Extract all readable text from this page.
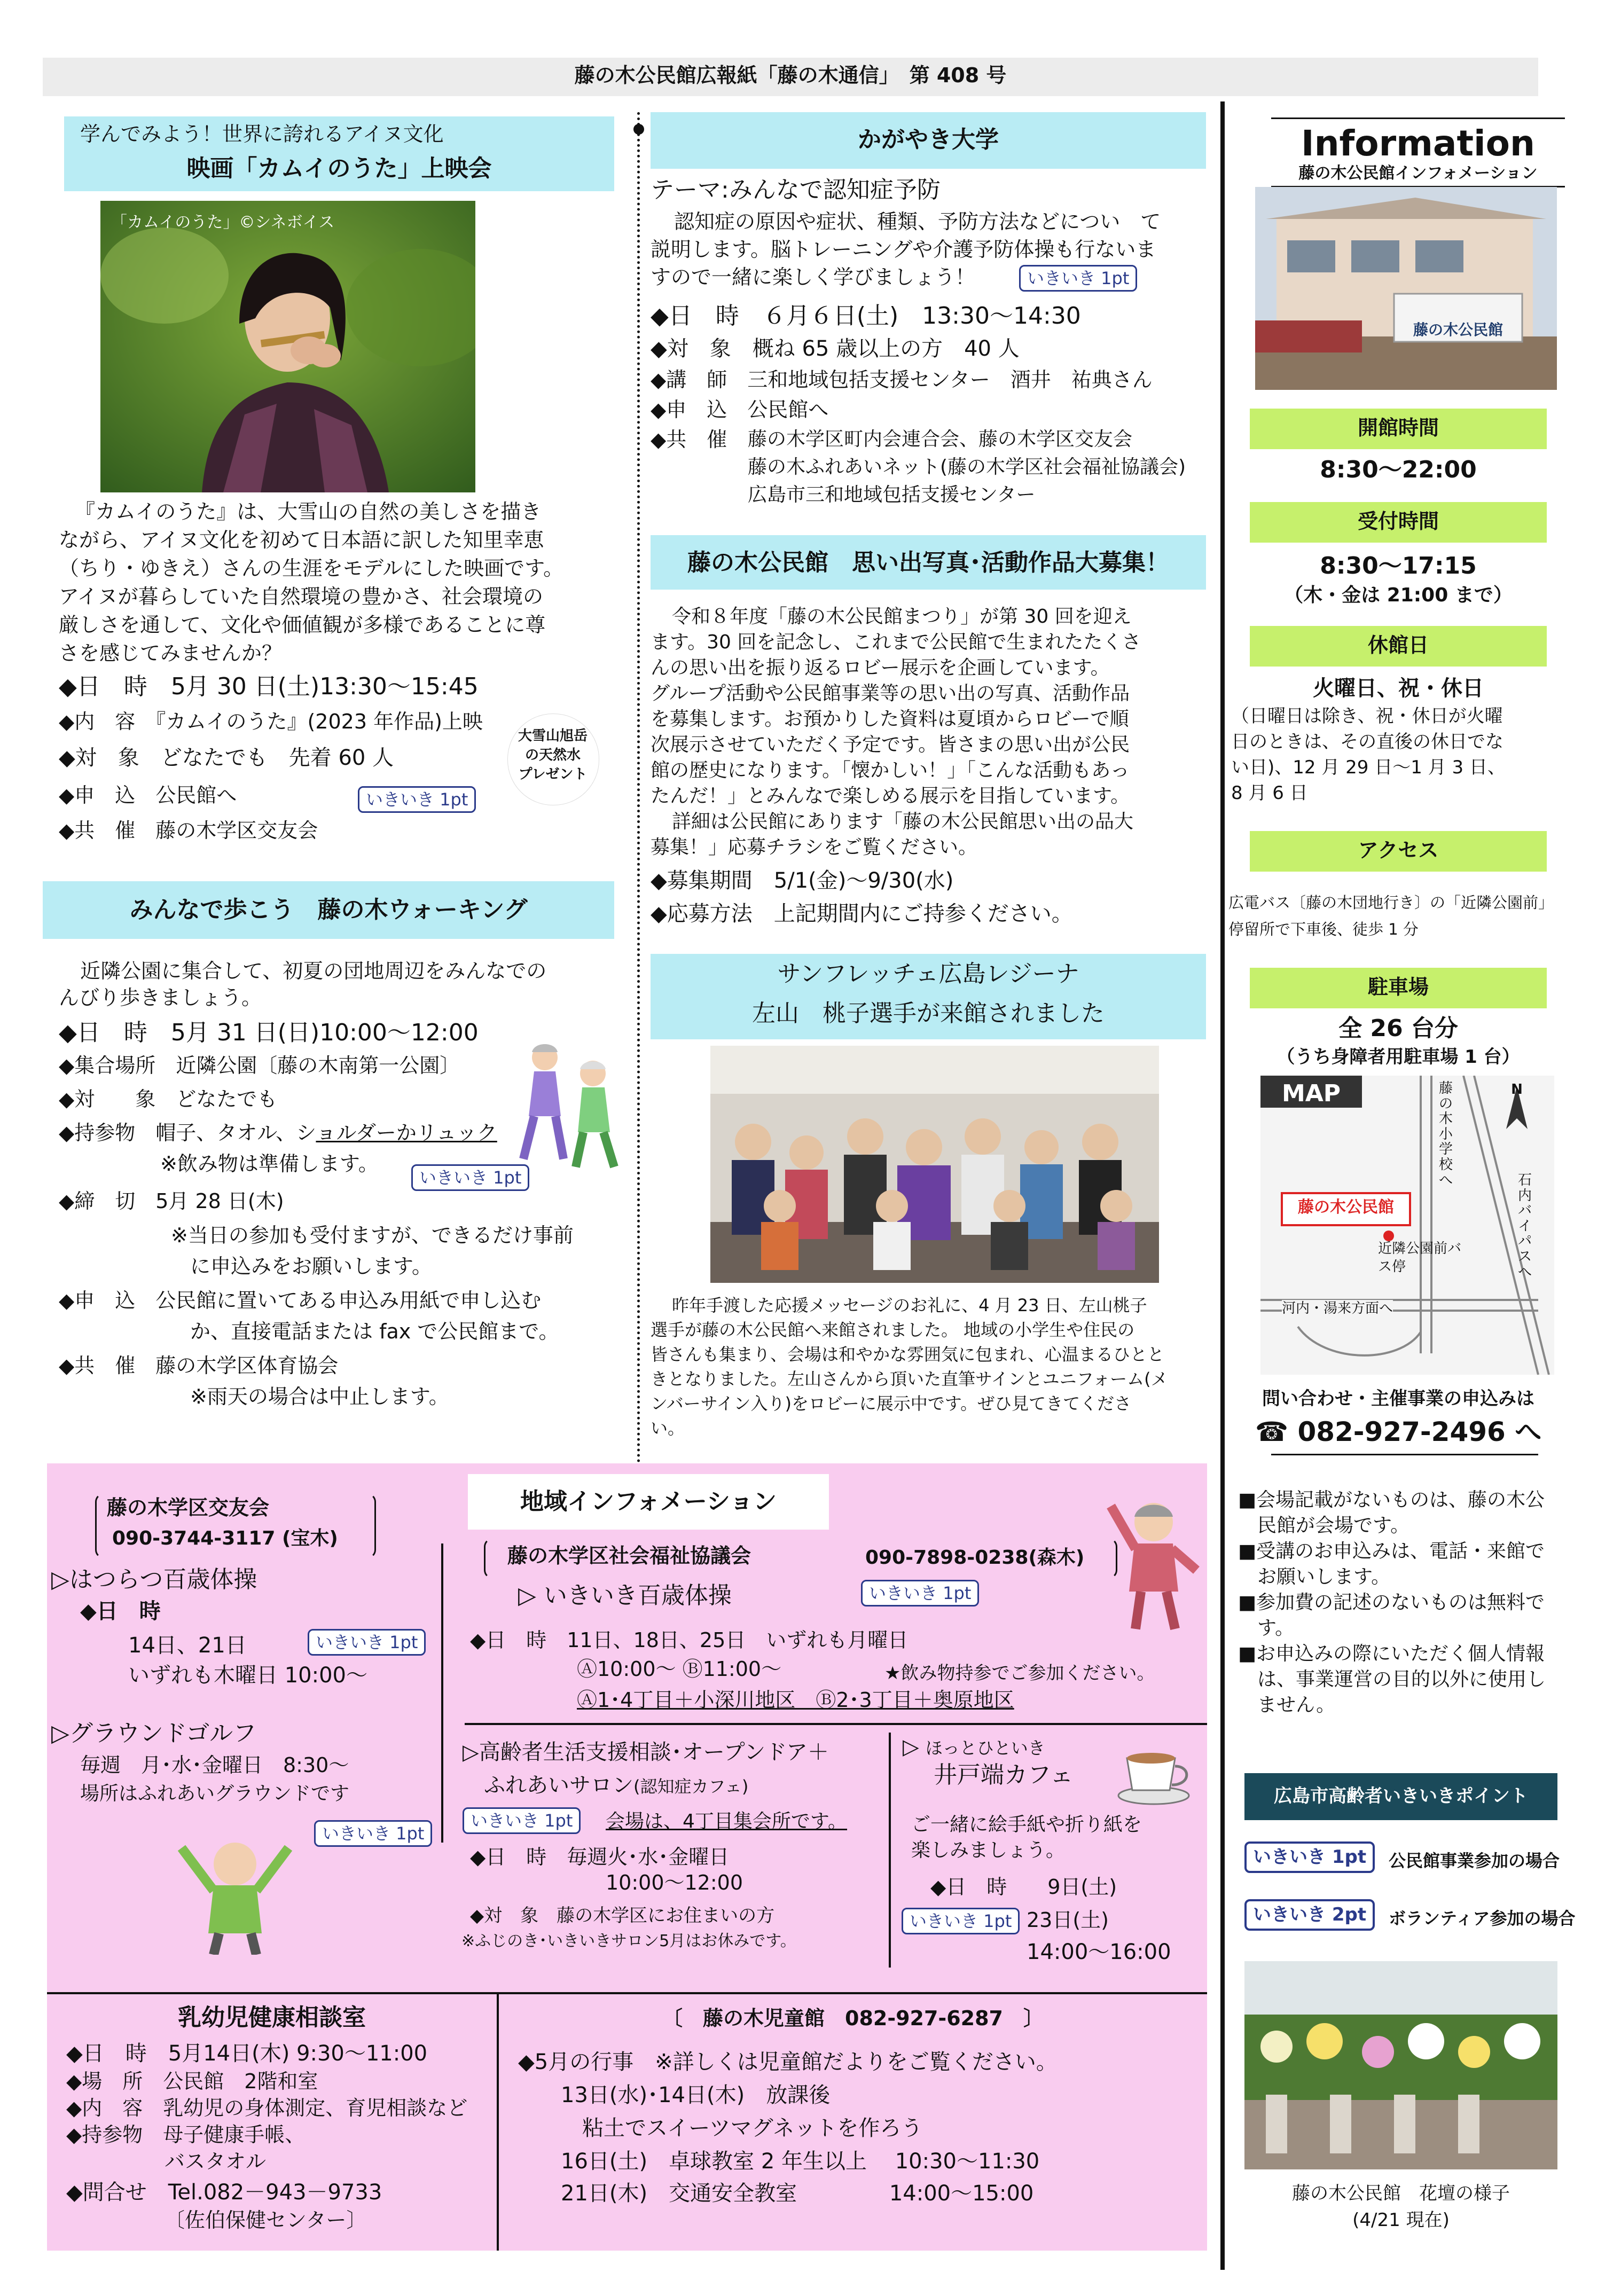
藤の木公民館広報紙「藤の木通信」　第 408 号
学んでみよう！世界に誇れるアイヌ文化
映画「カムイのうた」上映会
「カムイのうた」©シネボイス
『カムイのうた』は、大雪山の自然の美しさを描き
ながら、アイヌ文化を初めて日本語に訳した知里幸恵
（ちり・ゆきえ）さんの生涯をモデルにした映画です。
アイヌが暮らしていた自然環境の豊かさ、社会環境の
厳しさを通して、文化や価値観が多様であることに尊
さを感じてみませんか？
◆日　時　5月 30 日(土)13:30～15:45
◆内　容　『カムイのうた』(2023 年作品)上映
◆対　象　どなたでも　先着 60 人
◆申　込　公民館へ
◆共　催　藤の木学区交友会
大雪山旭岳
の天然水
プレゼント
いきいき 1pt
みんなで歩こう　藤の木ウォーキング
近隣公園に集合して、初夏の団地周辺をみんなでの
んびり歩きましょう。
◆日　時　5月 31 日(日)10:00～12:00
◆集合場所　近隣公園〔藤の木南第一公園〕
◆対　　象　どなたでも
◆持参物　帽子、タオル、ショルダーかリュック
※飲み物は準備します。
いきいき 1pt
◆締　切　5月 28 日(木)
※当日の参加も受付ますが、できるだけ事前
に申込みをお願いします。
◆申　込　公民館に置いてある申込み用紙で申し込む
か、直接電話または fax で公民館まで。
◆共　催　藤の木学区体育協会
※雨天の場合は中止します。
かがやき大学
テーマ:みんなで認知症予防
認知症の原因や症状、種類、予防方法などについ　て
説明します。脳トレーニングや介護予防体操も行ないま
すので一緒に楽しく学びましょう！	いきいき 1pt
◆日　時　６月６日(土)　13:30～14:30
◆対　象　概ね 65 歳以上の方　40 人
◆講　師　三和地域包括支援センター　酒井　祐典さん
◆申　込　公民館へ
◆共　催 藤の木学区町内会連合会、藤の木学区交友会
藤の木ふれあいネット(藤の木学区社会福祉協議会)
広島市三和地域包括支援センター
藤の木公民館　思い出写真･活動作品大募集！
令和８年度「藤の木公民館まつり」が第 30 回を迎え
ます。30 回を記念し、これまで公民館で生まれたたくさ
んの思い出を振り返るロビー展示を企画しています。
グループ活動や公民館事業等の思い出の写真、活動作品
を募集します。お預かりした資料は夏頃からロビーで順
次展示させていただく予定です。皆さまの思い出が公民
館の歴史になります。「懐かしい！」「こんな活動もあっ
たんだ！」とみんなで楽しめる展示を目指しています。
詳細は公民館にあります「藤の木公民館思い出の品大
募集！」応募チラシをご覧ください。
◆募集期間　5/1(金)～9/30(水)
◆応募方法　上記期間内にご持参ください。
サンフレッチェ広島レジーナ
左山　桃子選手が来館されました
昨年手渡した応援メッセージのお礼に、4 月 23 日、左山桃子
選手が藤の木公民館へ来館されました。 地域の小学生や住民の
皆さんも集まり、会場は和やかな雰囲気に包まれ、心温まるひとと
きとなりました。左山さんから頂いた直筆サインとユニフォーム(メ
ンバーサイン入り)をロビーに展示中です。ぜひ見てきてくださ
い。
Information
藤の木公民館インフォメーション
藤の木公民館
開館時間
8:30～22:00
受付時間
8:30～17:15
（木・金は 21:00 まで）
休館日
火曜日、祝・休日
（日曜日は除き、祝・休日が火曜
日のときは、その直後の休日でな
い日)、12 月 29 日～1 月 3 日、
8 月 6 日
アクセス
広電バス〔藤の木団地行き〕の「近隣公園前」
停留所で下車後、徒歩 1 分
駐車場
全 26 台分
（うち身障者用駐車場 1 台）
MAP	N
藤の木公民館
藤の木小学校へ	石内バイパスへ
近隣公園前バス停
河内・湯来方面へ
問い合わせ・主催事業の申込みは
☎ 082-927-2496 へ
■会場記載がないものは、藤の木公
　民館が会場です。
■受講のお申込みは、電話・来館で
　お願いします。
■参加費の記述のないものは無料で
　す。
■お申込みの際にいただく個人情報
　は、事業運営の目的以外に使用し
　ません。
広島市高齢者いきいきポイント
いきいき 1pt	公民館事業参加の場合
いきいき 2pt	ボランティア参加の場合
藤の木公民館　花壇の様子
(4/21 現在)
地域インフォメーション
藤の木学区交友会
090-3744-3117 (宝木)
▷はつらつ百歳体操
◆日　時
14日、21日	いきいき 1pt
いずれも木曜日 10:00～
▷グラウンドゴルフ
毎週　月･水･金曜日　8:30～
場所はふれあいグラウンドです
いきいき 1pt
藤の木学区社会福祉協議会	090-7898-0238(森木)
▷ いきいき百歳体操	いきいき 1pt
◆日　時　11日、18日、25日　いずれも月曜日
Ⓐ10:00～ Ⓑ11:00～	★飲み物持参でご参加ください。
Ⓐ1･4丁目＋小深川地区　Ⓑ2･3丁目＋奥原地区
▷高齢者生活支援相談･オープンドア＋
ふれあいサロン(認知症カフェ)
いきいき 1pt	会場は、4丁目集会所です。
◆日　時　毎週火･水･金曜日
10:00～12:00
◆対　象　藤の木学区にお住まいの方
※ふじのき･いきいきサロン5月はお休みです。
▷ ほっとひといき
井戸端カフェ
ご一緒に絵手紙や折り紙を
楽しみましょう。
◆日　時　　9日(土)
いきいき 1pt 23日(土)
14:00～16:00
乳幼児健康相談室
◆日　時　5月14日(木) 9:30～11:00
◆場　所　公民館　2階和室
◆内　容　乳幼児の身体測定、育児相談など
◆持参物　母子健康手帳、
バスタオル
◆問合せ　Tel.082－943－9733
〔佐伯保健センター〕
〔　藤の木児童館　082-927-6287　〕
◆5月の行事　※詳しくは児童館だよりをご覧ください。
13日(水)･14日(木)　放課後
粘土でスイーツマグネットを作ろう
16日(土)　卓球教室 2 年生以上　 10:30～11:30
21日(木)　交通安全教室　　　　 14:00～15:00
